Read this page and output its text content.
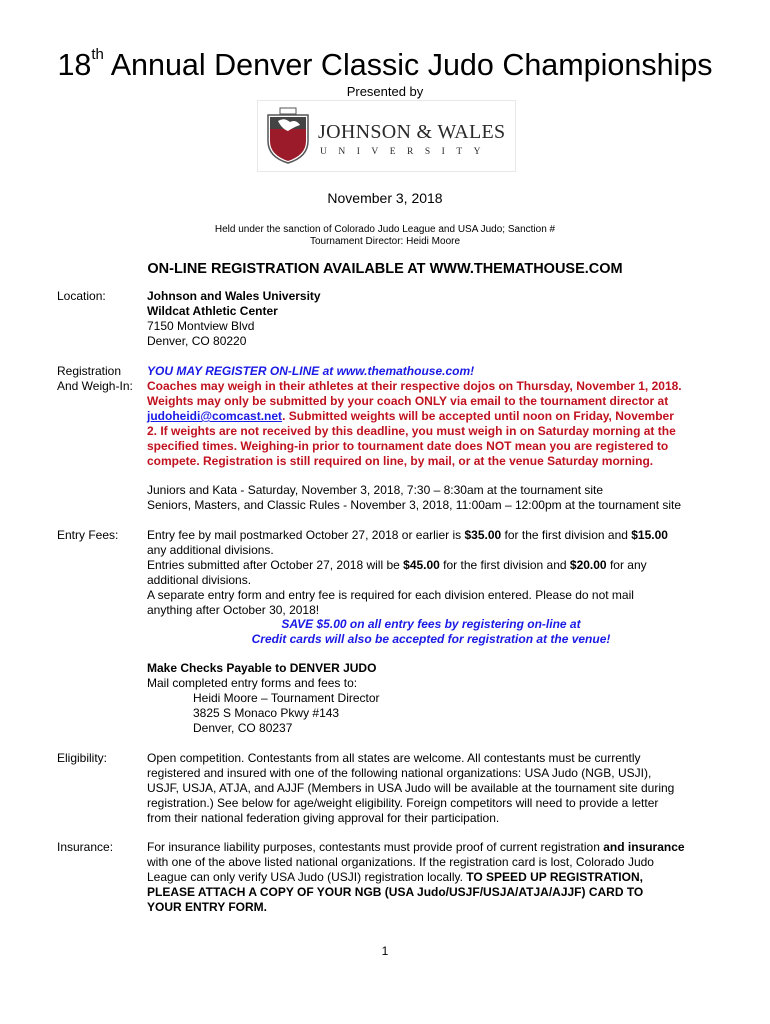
18th Annual Denver Classic Judo Championships
Presented by
JOHNSON & WALES
UNIVERSITY
November 3, 2018
Held under the sanction of Colorado Judo League and USA Judo; Sanction #
Tournament Director: Heidi Moore
ON-LINE REGISTRATION AVAILABLE AT WWW.THEMATHOUSE.COM
Location:	Johnson and Wales University
Wildcat Athletic Center
7150 Montview Blvd
Denver, CO 80220
Registration
And Weigh-In:
YOU MAY REGISTER ON-LINE at www.themathouse.com!
Coaches may weigh in their athletes at their respective dojos on Thursday, November 1, 2018.
Weights may only be submitted by your coach ONLY via email to the tournament director at
judoheidi@comcast.net. Submitted weights will be accepted until noon on Friday, November
2. If weights are not received by this deadline, you must weigh in on Saturday morning at the
specified times. Weighing-in prior to tournament date does NOT mean you are registered to
compete. Registration is still required on line, by mail, or at the venue Saturday morning.
Juniors and Kata - Saturday, November 3, 2018, 7:30 – 8:30am at the tournament site
Seniors, Masters, and Classic Rules - November 3, 2018, 11:00am – 12:00pm at the tournament site
Entry Fees: Entry fee by mail postmarked October 27, 2018 or earlier is $35.00 for the first division and $15.00
any additional divisions.
Entries submitted after October 27, 2018 will be $45.00 for the first division and $20.00 for any
additional divisions.
A separate entry form and entry fee is required for each division entered. Please do not mail
anything after October 30, 2018!
SAVE $5.00 on all entry fees by registering on-line at
Credit cards will also be accepted for registration at the venue!
Make Checks Payable to DENVER JUDO
Mail completed entry forms and fees to:
Heidi Moore – Tournament Director
3825 S Monaco Pkwy #143
Denver, CO 80237
Eligibility:	Open competition. Contestants from all states are welcome. All contestants must be currently
registered and insured with one of the following national organizations: USA Judo (NGB, USJI),
USJF, USJA, ATJA, and AJJF (Members in USA Judo will be available at the tournament site during
registration.) See below for age/weight eligibility. Foreign competitors will need to provide a letter
from their national federation giving approval for their participation.
Insurance:	For insurance liability purposes, contestants must provide proof of current registration and insurance
with one of the above listed national organizations. If the registration card is lost, Colorado Judo
League can only verify USA Judo (USJI) registration locally. TO SPEED UP REGISTRATION,
PLEASE ATTACH A COPY OF YOUR NGB (USA Judo/USJF/USJA/ATJA/AJJF) CARD TO
YOUR ENTRY FORM.
1
